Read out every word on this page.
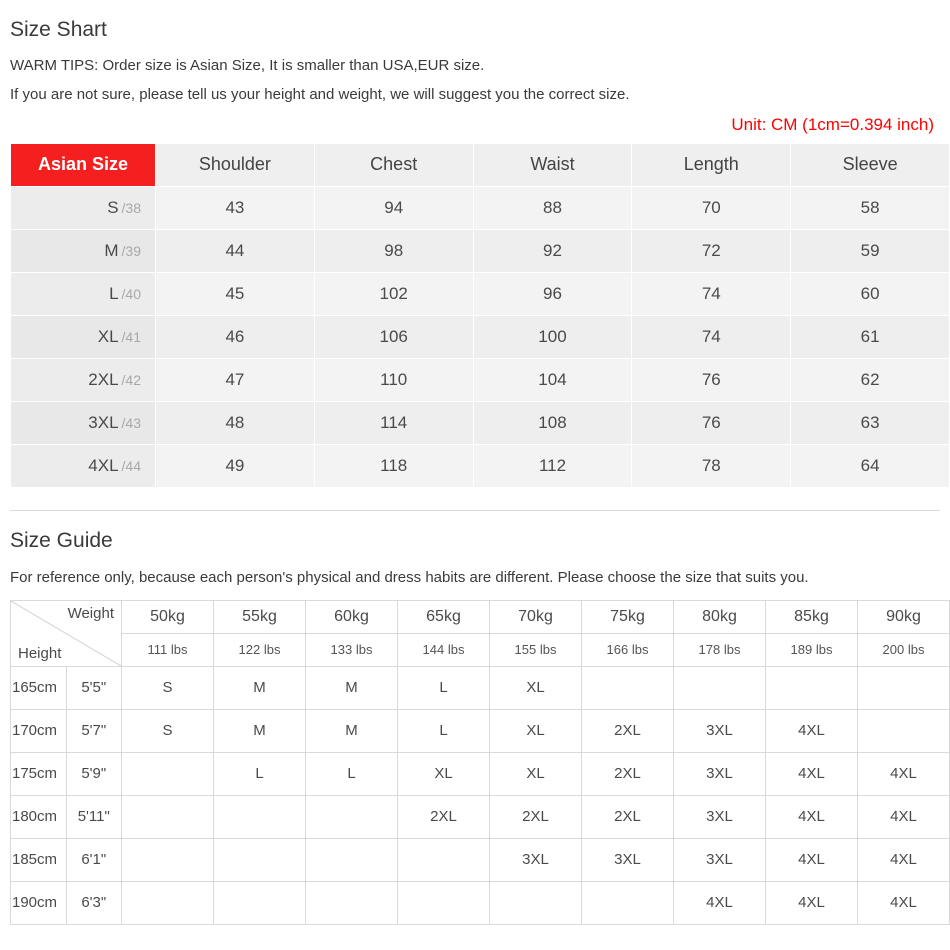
Size Shart
WARM TIPS: Order size is Asian Size, It is smaller than USA,EUR size.
If you are not sure, please tell us your height and weight, we will suggest you the correct size.
Unit: CM (1cm=0.394 inch)
Asian Size	Shoulder	Chest	Waist	Length	Sleeve
S /38	43	94	88	70	58
M /39	44	98	92	72	59
L /40	45	102	96	74	60
XL /41	46	106	100	74	61
2XL /42	47	110	104	76	62
3XL /43	48	114	108	76	63
4XL /44	49	118	112	78	64
Size Guide
For reference only, because each person's physical and dress habits are different. Please choose the size that suits you.
Weight
Height		50kg	55kg	60kg	65kg	70kg	75kg	80kg	85kg	90kg
		111 lbs	122 lbs	133 lbs	144 lbs	155 lbs	166 lbs	178 lbs	189 lbs	200 lbs
165cm	5'5"	S	M	M	L	XL				
170cm	5'7"	S	M	M	L	XL	2XL	3XL	4XL	
175cm	5'9"		L	L	XL	XL	2XL	3XL	4XL	4XL
180cm	5'11"				2XL	2XL	2XL	3XL	4XL	4XL
185cm	6'1"					3XL	3XL	3XL	4XL	4XL
190cm	6'3"							4XL	4XL	4XL
